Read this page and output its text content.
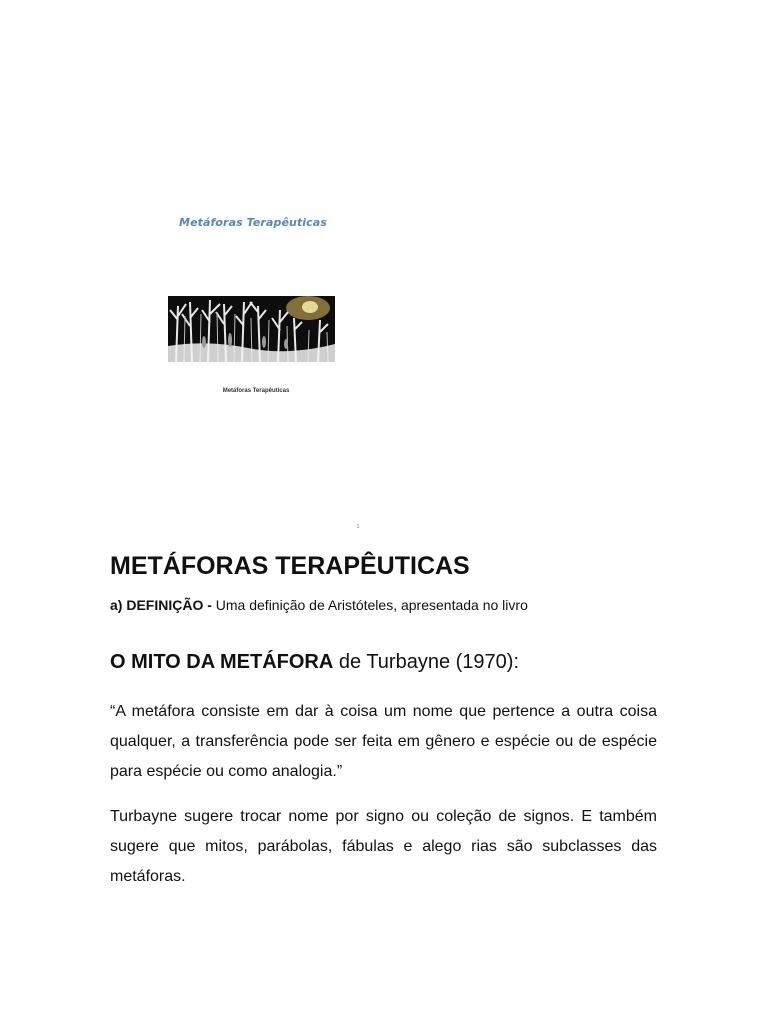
Metáforas Terapêuticas
Metáforas Terapêuticas
1
METÁFORAS TERAPÊUTICAS
a) DEFINIÇÃO - Uma definição de Aristóteles, apresentada no livro
O MITO DA METÁFORA de Turbayne (1970):

“A metáfora consiste em dar à coisa um nome que pertence a outra coisa qualquer, a transferência pode ser feita em gênero e espécie ou de espécie para espécie ou como analogia.”

Turbayne sugere trocar nome por signo ou coleção de signos. E também sugere que mitos, parábolas, fábulas e alego rias são subclasses das metáforas.
